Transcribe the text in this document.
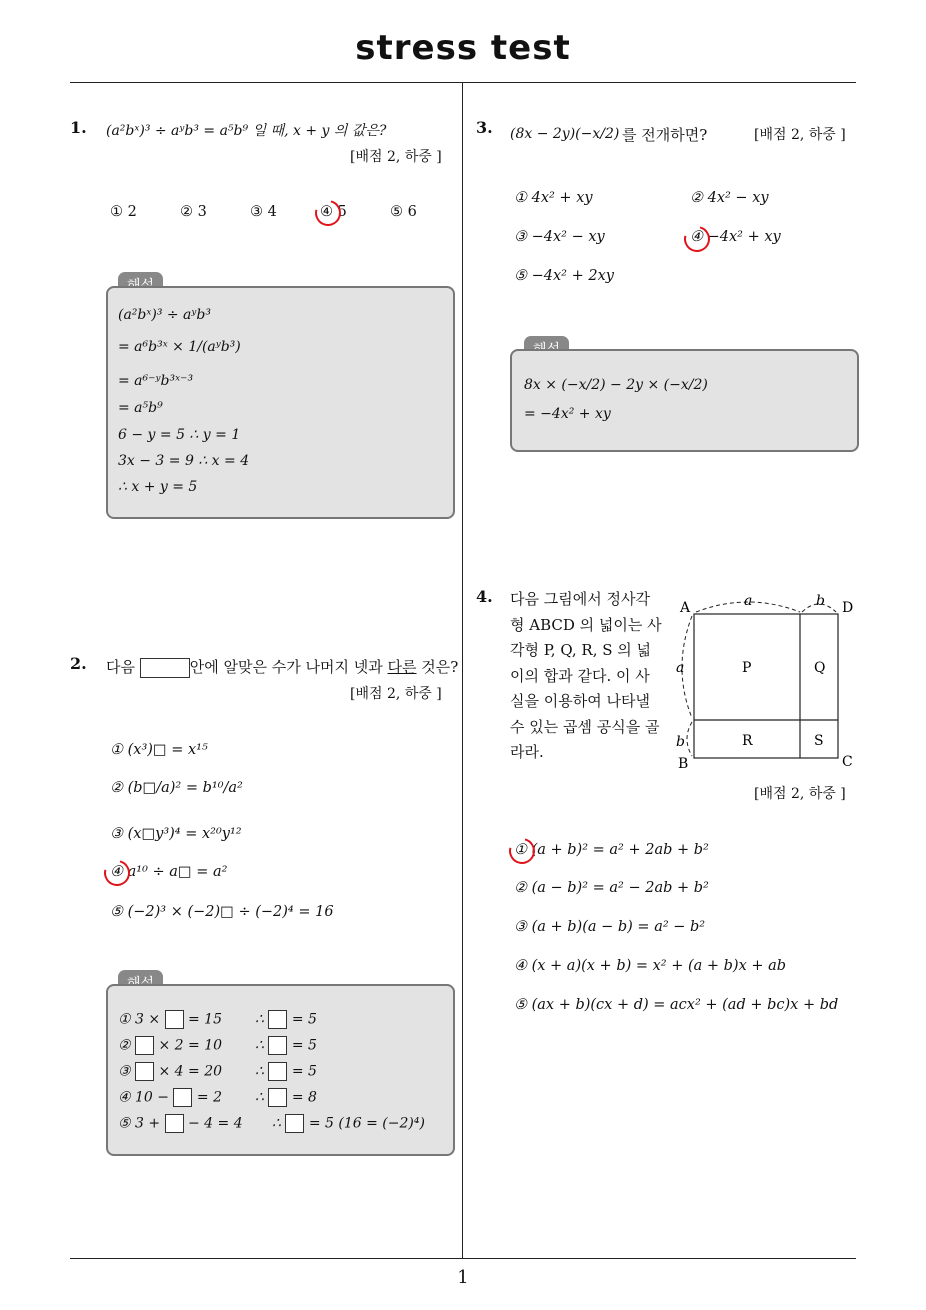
stress test
1
1. (a²bˣ)³ ÷ aʸb³ = a⁵b⁹ 일 때, x + y 의 값은?
[배점 2, 하중 ]
① 2	② 3	③ 4	④ 5	⑤ 6
(a²bˣ)³ ÷ aʸb³
= a⁶b³ˣ × 1/(aʸb³)
= a⁶⁻ʸb³ˣ⁻³
= a⁵b⁹
6 − y = 5 ∴ y = 1
3x − 3 = 9 ∴ x = 4
∴ x + y = 5
2. 다음	안에 알맞은 수가 나머지 넷과 다른 것은?
[배점 2, 하중 ]
① (x³)□ = x¹⁵
② (b□/a)² = b¹⁰/a²
③ (x□y³)⁴ = x²⁰y¹²
④ a¹⁰ ÷ a□ = a²
⑤ (−2)³ × (−2)□ ÷ (−2)⁴ = 16
① 3 × = 15 ∴ = 5
② × 2 = 10 ∴ = 5
③ × 4 = 20 ∴ = 5
④ 10 − = 2 ∴ = 8
⑤ 3 + − 4 = 4 ∴ = 5 (16 = (−2)⁴)
3. (8x − 2y)(−x/2) 를 전개하면?	[배점 2, 하중 ]
① 4x² + xy	② 4x² − xy
③ −4x² − xy	④ −4x² + xy
⑤ −4x² + 2xy
8x × (−x/2) − 2y × (−x/2)
= −4x² + xy
4. 다음 그림에서 정사각
형 ABCD 의 넓이는 사
각형 P, Q, R, S 의 넓
이의 합과 같다. 이 사
실을 이용하여 나타낼
수 있는 곱셈 공식을 골
라라.
A	D
B	C
a	b
a
b
P	Q
R	S
[배점 2, 하중 ]
① (a + b)² = a² + 2ab + b²
② (a − b)² = a² − 2ab + b²
③ (a + b)(a − b) = a² − b²
④ (x + a)(x + b) = x² + (a + b)x + ab
⑤ (ax + b)(cx + d) = acx² + (ad + bc)x + bd
